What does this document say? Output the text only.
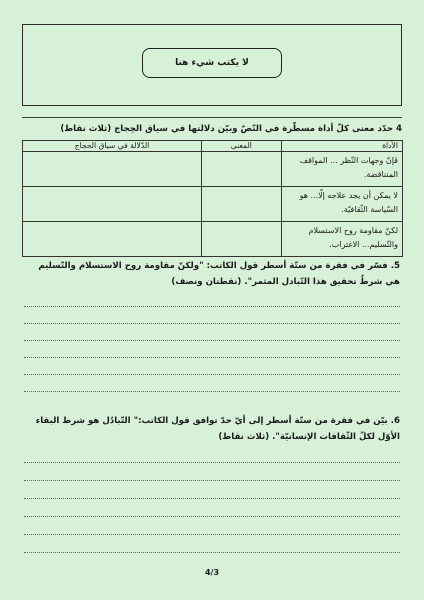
لا يكتب شيء هنا
4 حدّد معنى كلّ أداة مسطّرة في النّصّ وبيّن دلالتها في سياق الحِجاج (ثلاث نقاط)
الأداة	المعنى	الدّلالة في سياق الحجاج
فَإنّ وجهات النّظر ... المواقف المتناقضة.		
لا يمكن أن يجد علاجه إلّا... هو السّياسة الثّقافيّة.		
لكنّ مقاومة روح الاستسلام والتّسليم... الاغتراب.		
5. فسّر في فقرة من ستّة أسطر قول الكاتب: "ولكنّ مقاومة روح الاستسلام والتّسليم هي شرطٌ تحقيق هذا التّبادل المثمر". (نقطتان ونصف)
6. بيّن في فقرة من ستّة أسطر إلى أيّ حدّ توافق قول الكاتب:" التّبادُل هو شرط البقاء الأوّل لكلّ الثّقافات الإنسانيّة". (ثلاث نقاط)
4/3
